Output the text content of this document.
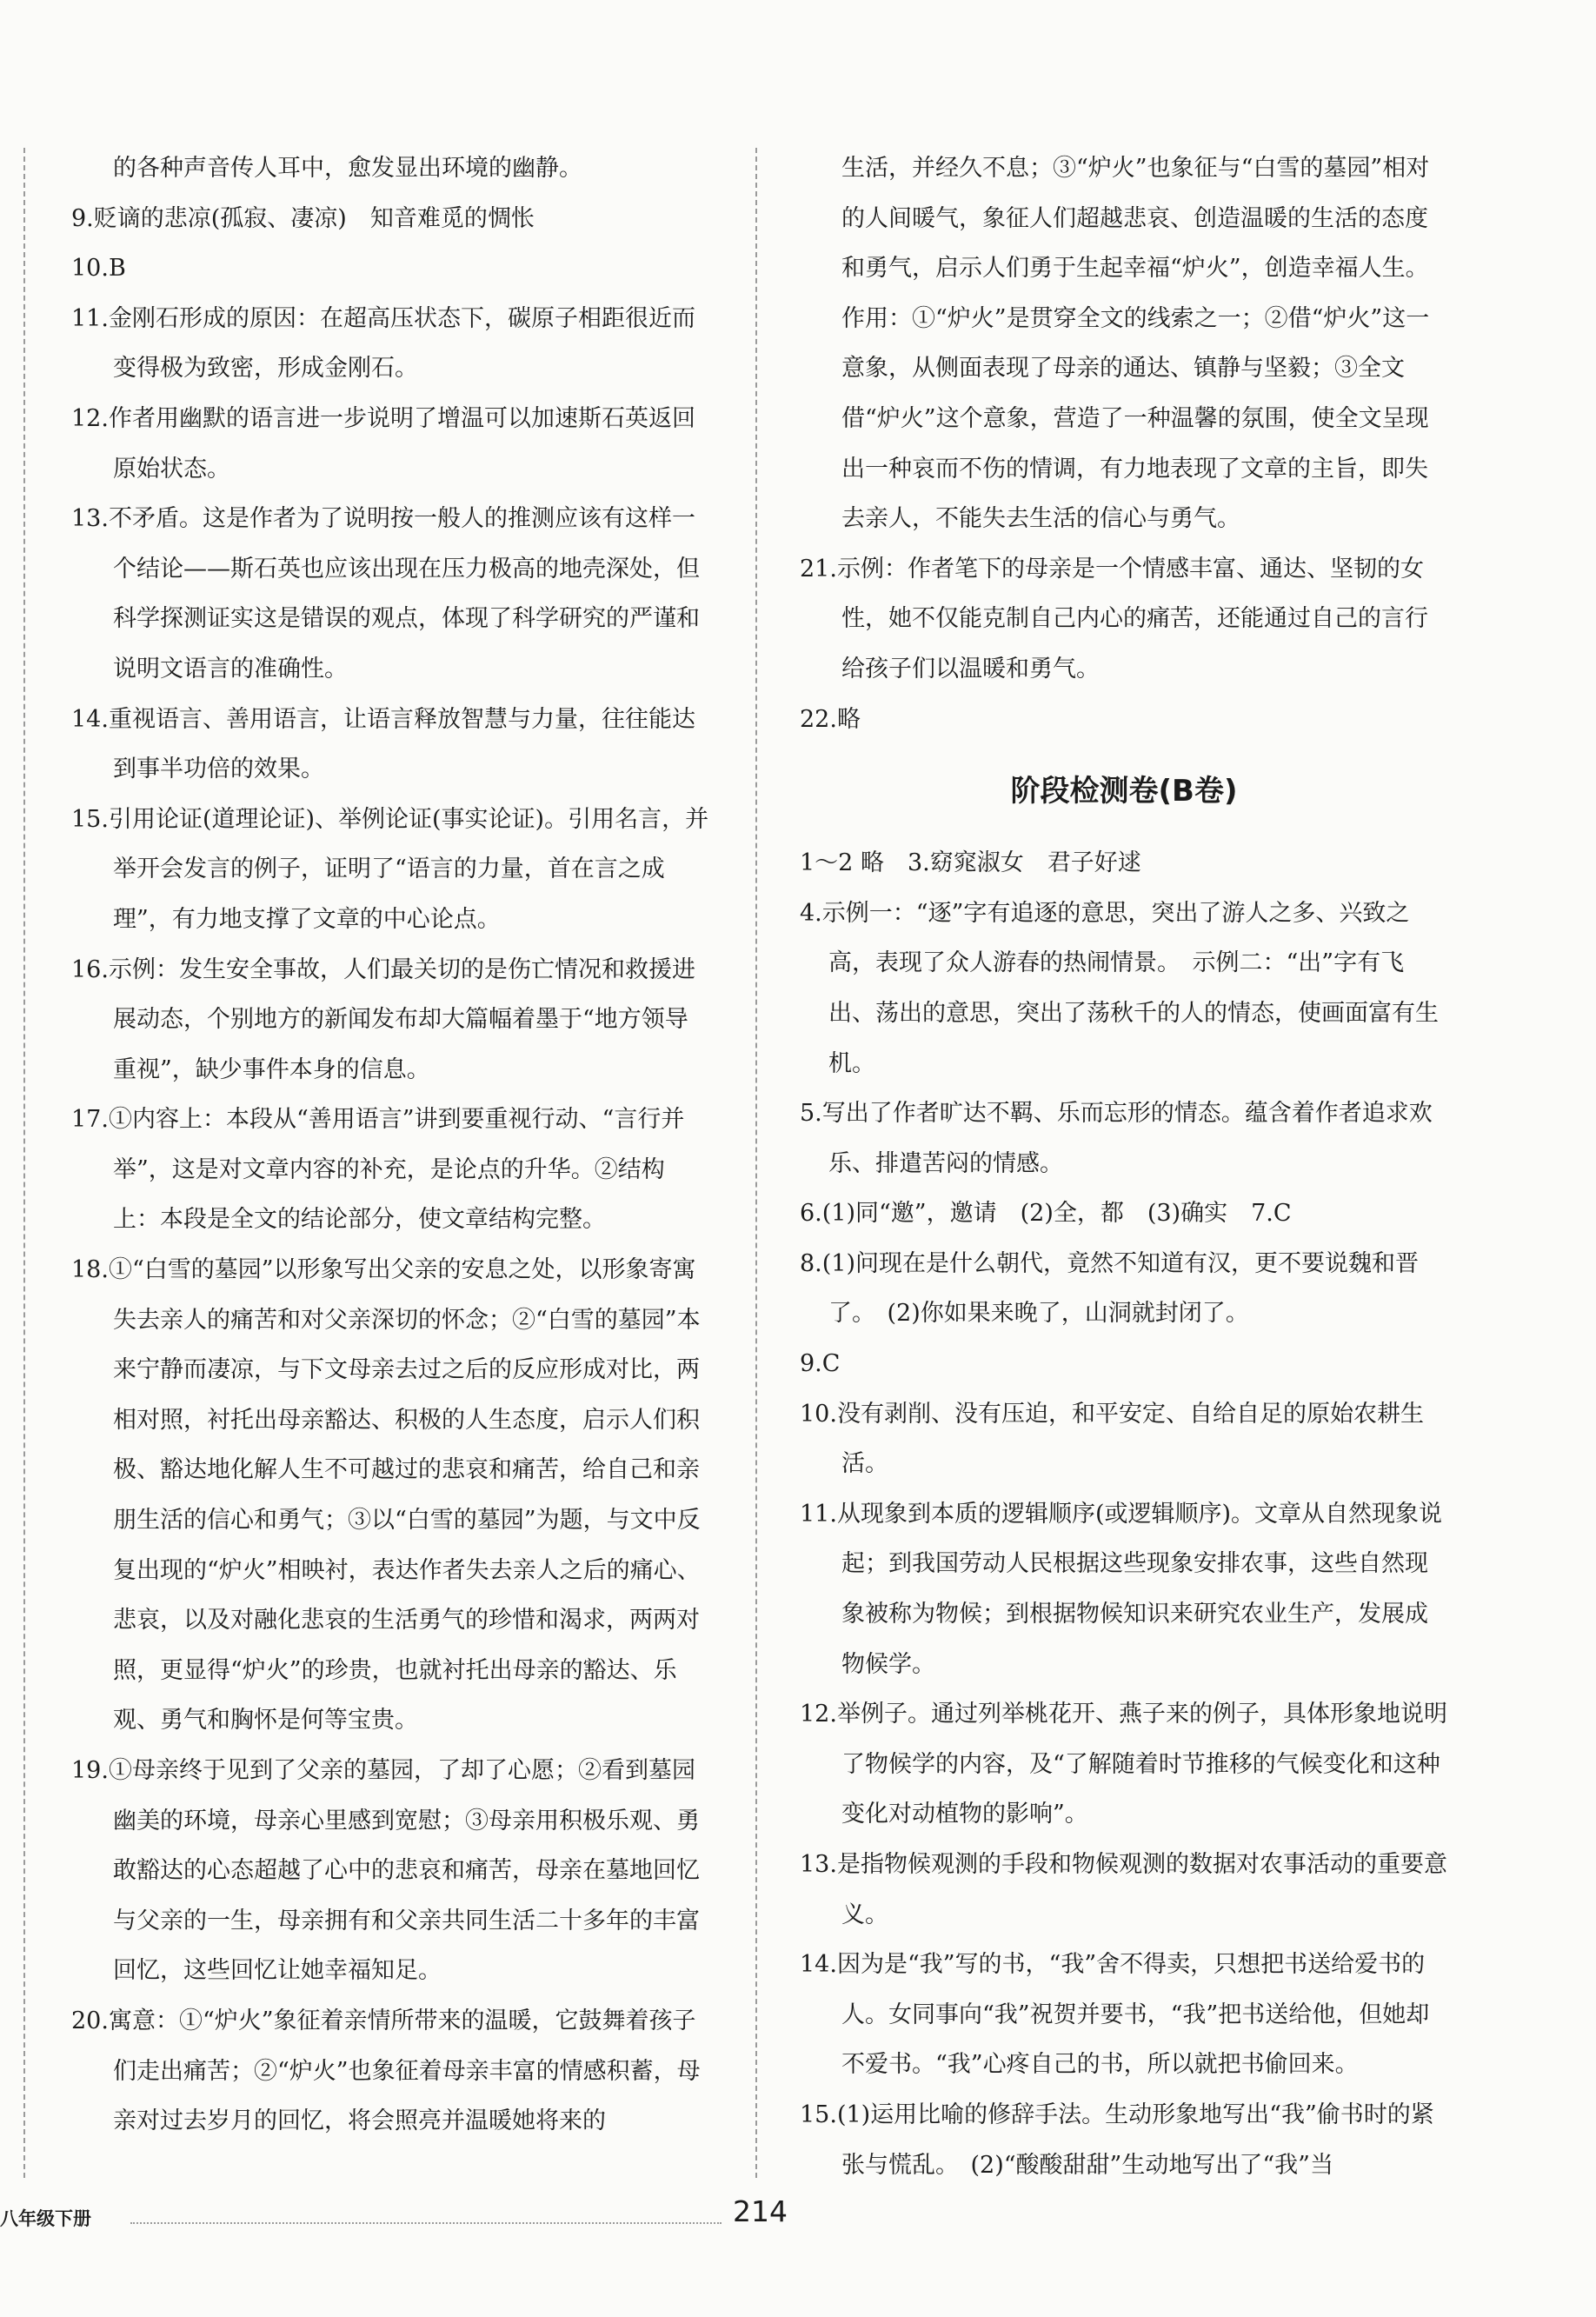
的各种声音传人耳中，愈发显出环境的幽静。

9.贬谪的悲凉(孤寂、凄凉)　知音难觅的惆怅

10.B

11.金刚石形成的原因：在超高压状态下，碳原子相距很近而变得极为致密，形成金刚石。

12.作者用幽默的语言进一步说明了增温可以加速斯石英返回原始状态。

13.不矛盾。这是作者为了说明按一般人的推测应该有这样一个结论——斯石英也应该出现在压力极高的地壳深处，但科学探测证实这是错误的观点，体现了科学研究的严谨和说明文语言的准确性。

14.重视语言、善用语言，让语言释放智慧与力量，往往能达到事半功倍的效果。

15.引用论证(道理论证)、举例论证(事实论证)。引用名言，并举开会发言的例子，证明了“语言的力量，首在言之成理”，有力地支撑了文章的中心论点。

16.示例：发生安全事故，人们最关切的是伤亡情况和救援进展动态，个别地方的新闻发布却大篇幅着墨于“地方领导重视”，缺少事件本身的信息。

17.①内容上：本段从“善用语言”讲到要重视行动、“言行并举”，这是对文章内容的补充，是论点的升华。②结构上：本段是全文的结论部分，使文章结构完整。

18.①“白雪的墓园”以形象写出父亲的安息之处，以形象寄寓失去亲人的痛苦和对父亲深切的怀念；②“白雪的墓园”本来宁静而凄凉，与下文母亲去过之后的反应形成对比，两相对照，衬托出母亲豁达、积极的人生态度，启示人们积极、豁达地化解人生不可越过的悲哀和痛苦，给自己和亲朋生活的信心和勇气；③以“白雪的墓园”为题，与文中反复出现的“炉火”相映衬，表达作者失去亲人之后的痛心、悲哀，以及对融化悲哀的生活勇气的珍惜和渴求，两两对照，更显得“炉火”的珍贵，也就衬托出母亲的豁达、乐观、勇气和胸怀是何等宝贵。

19.①母亲终于见到了父亲的墓园，了却了心愿；②看到墓园幽美的环境，母亲心里感到宽慰；③母亲用积极乐观、勇敢豁达的心态超越了心中的悲哀和痛苦，母亲在墓地回忆与父亲的一生，母亲拥有和父亲共同生活二十多年的丰富回忆，这些回忆让她幸福知足。

20.寓意：①“炉火”象征着亲情所带来的温暖，它鼓舞着孩子们走出痛苦；②“炉火”也象征着母亲丰富的情感积蓄，母亲对过去岁月的回忆，将会照亮并温暖她将来的

生活，并经久不息；③“炉火”也象征与“白雪的墓园”相对的人间暖气，象征人们超越悲哀、创造温暖的生活的态度和勇气，启示人们勇于生起幸福“炉火”，创造幸福人生。作用：①“炉火”是贯穿全文的线索之一；②借“炉火”这一意象，从侧面表现了母亲的通达、镇静与坚毅；③全文借“炉火”这个意象，营造了一种温馨的氛围，使全文呈现出一种哀而不伤的情调，有力地表现了文章的主旨，即失去亲人，不能失去生活的信心与勇气。

21.示例：作者笔下的母亲是一个情感丰富、通达、坚韧的女性，她不仅能克制自己内心的痛苦，还能通过自己的言行给孩子们以温暖和勇气。

22.略

阶段检测卷(B卷)

1～2 略　3.窈窕淑女　君子好逑

4.示例一：“逐”字有追逐的意思，突出了游人之多、兴致之高，表现了众人游春的热闹情景。　示例二：“出”字有飞出、荡出的意思，突出了荡秋千的人的情态，使画面富有生机。

5.写出了作者旷达不羁、乐而忘形的情态。蕴含着作者追求欢乐、排遣苦闷的情感。

6.(1)同“邀”，邀请　(2)全，都　(3)确实　7.C

8.(1)问现在是什么朝代，竟然不知道有汉，更不要说魏和晋了。　(2)你如果来晚了，山洞就封闭了。

9.C

10.没有剥削、没有压迫，和平安定、自给自足的原始农耕生活。

11.从现象到本质的逻辑顺序(或逻辑顺序)。文章从自然现象说起；到我国劳动人民根据这些现象安排农事，这些自然现象被称为物候；到根据物候知识来研究农业生产，发展成物候学。

12.举例子。通过列举桃花开、燕子来的例子，具体形象地说明了物候学的内容，及“了解随着时节推移的气候变化和这种变化对动植物的影响”。

13.是指物候观测的手段和物候观测的数据对农事活动的重要意义。

14.因为是“我”写的书，“我”舍不得卖，只想把书送给爱书的人。女同事向“我”祝贺并要书，“我”把书送给他，但她却不爱书。“我”心疼自己的书，所以就把书偷回来。

15.(1)运用比喻的修辞手法。生动形象地写出“我”偷书时的紧张与慌乱。　(2)“酸酸甜甜”生动地写出了“我”当

八年级下册	214
